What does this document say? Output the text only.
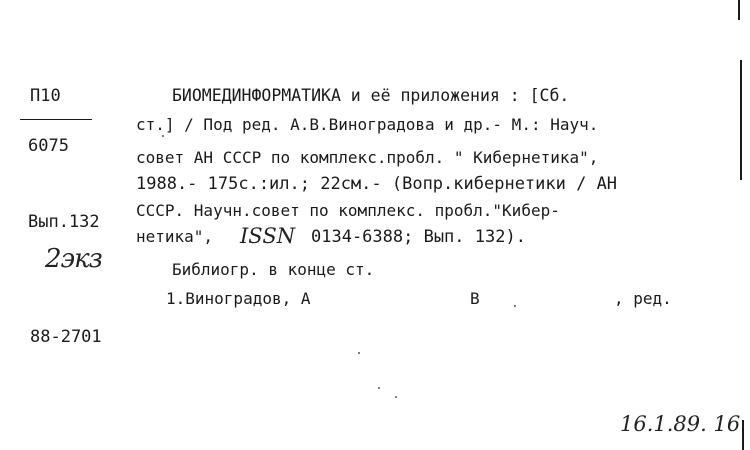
П10
6075
Вып.132
2экз
88-2701
БИОМЕДИНФОРМАТИКА и её приложения : [Сб.
ст.] / Под ред. А.В.Виноградова и др.- М.: Науч.
совет АН СССР по комплекс.пробл. " Кибернетика",
1988.- 175с.:ил.; 22см.- (Вопр.кибернетики / АН
СССР. Научн.совет по комплекс. пробл."Кибер-
нетика", ISSN 0134-6388; Вып. 132).
Библиогр. в конце ст.
1.Виноградов, А	В	, ред.
16.1.89. 16
